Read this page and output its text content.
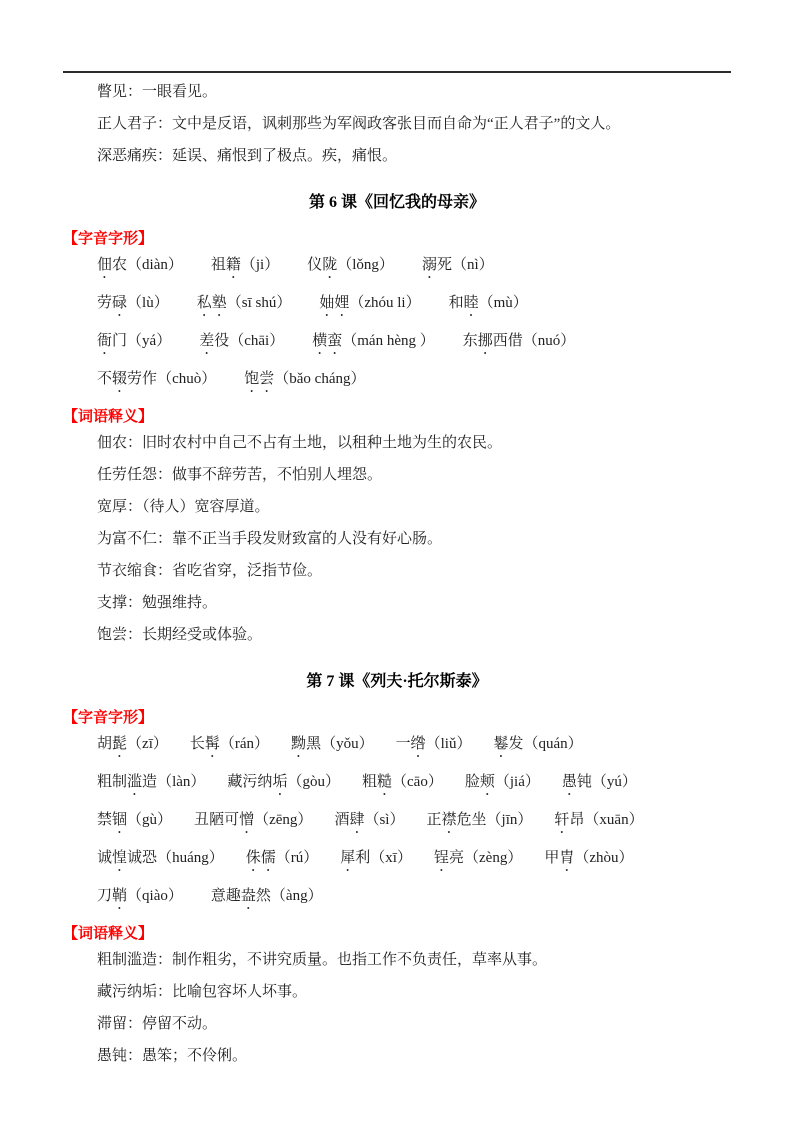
瞥见：一眼看见。

正人君子：文中是反语，讽刺那些为军阀政客张目而自命为“正人君子”的文人。

深恶痛疾：延误、痛恨到了极点。疾，痛恨。

第 6 课《回忆我的母亲》
【字音字形】
佃农（diàn） 祖籍（ji） 仪陇（lǒng） 溺死（nì）
劳碌（lù） 私塾（sī shú） 妯娌（zhóu li） 和睦（mù）
衙门（yá） 差役（chāi） 横蛮（mán hèng ） 东挪西借（nuó）
不辍劳作（chuò） 饱尝（bǎo cháng）
【词语释义】

佃农：旧时农村中自己不占有土地，以租种土地为生的农民。

任劳任怨：做事不辞劳苦，不怕别人埋怨。

宽厚：（待人）宽容厚道。

为富不仁：靠不正当手段发财致富的人没有好心肠。

节衣缩食：省吃省穿，泛指节俭。

支撑：勉强维持。

饱尝：长期经受或体验。

第 7 课《列夫·托尔斯泰》
【字音字形】
胡髭（zī） 长髯（rán） 黝黑（yǒu） 一绺（liǔ） 鬈发（quán）
粗制滥造（làn） 藏污纳垢（gòu） 粗糙（cāo） 脸颊（jiá） 愚钝（yú）
禁锢（gù） 丑陋可憎（zēng） 酒肆（sì） 正襟危坐（jīn） 轩昂（xuān）
诚惶诚恐（huáng） 侏儒（rú） 犀利（xī） 锃亮（zèng） 甲胄（zhòu）
刀鞘（qiào） 意趣盎然（àng）
【词语释义】

粗制滥造：制作粗劣，不讲究质量。也指工作不负责任，草率从事。

藏污纳垢：比喻包容坏人坏事。

滞留：停留不动。

愚钝：愚笨；不伶俐。
